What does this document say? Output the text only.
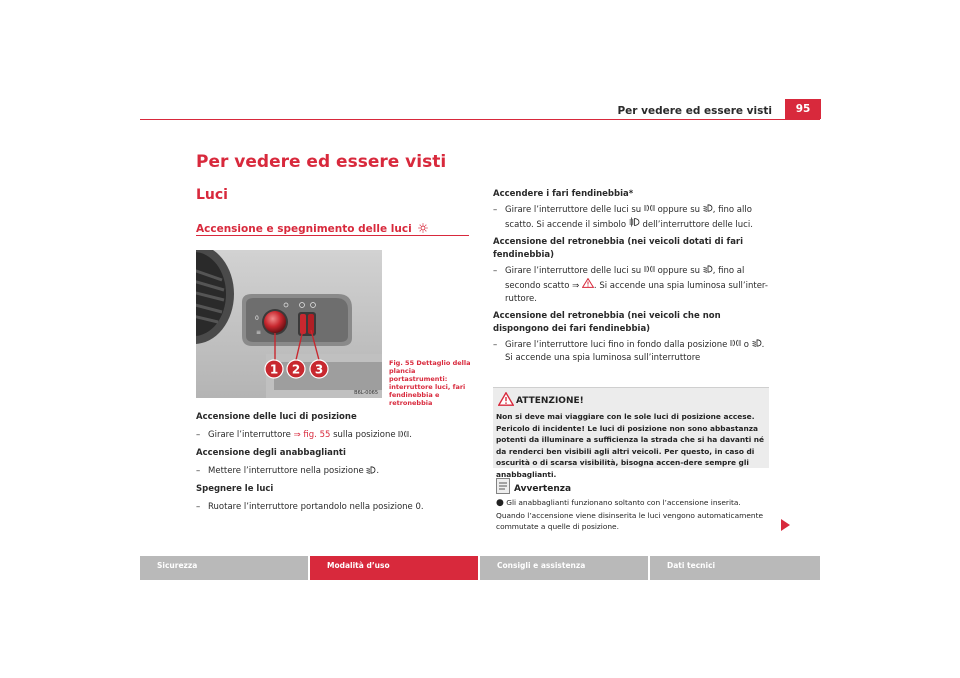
Per vedere ed essere visti	95
Per vedere ed essere visti
Luci
Accensione e spegnimento delle luci
0
≡
1 2 3
B6L-0065
Fig. 55 Dettaglio della plancia portastrumenti: interruttore luci, fari fendinebbia e retronebbia
Accensione delle luci di posizione
– Girare l’interruttore ⇒ fig. 55 sulla posizione .
Accensione degli anabbaglianti
– Mettere l’interruttore nella posizione .
Spegnere le luci
– Ruotare l’interruttore portandolo nella posizione 0.
Accendere i fari fendinebbia*
– Girare l’interruttore delle luci su  oppure su , fino allo scatto. Si accende il simbolo  dell’interruttore delle luci.
Accensione del retronebbia (nei veicoli dotati di fari fendinebbia)
– Girare l’interruttore delle luci su  oppure su , fino al secondo scatto ⇒ . Si accende una spia luminosa sull’inter-ruttore.
Accensione del retronebbia (nei veicoli che non dispongono dei fari fendinebbia)
– Girare l’interruttore luci fino in fondo dalla posizione  o . Si accende una spia luminosa sull’interruttore
ATTENZIONE!
Non si deve mai viaggiare con le sole luci di posizione accese. Pericolo di incidente! Le luci di posizione non sono abbastanza potenti da illuminare a sufficienza la strada che si ha davanti né da renderci ben visibili agli altri veicoli. Per questo, in caso di oscurità o di scarsa visibilità, bisogna accen-dere sempre gli anabbaglianti.
Avvertenza
● Gli anabbaglianti funzionano soltanto con l’accensione inserita. Quando l’accensione viene disinserita le luci vengono automaticamente commutate a quelle di posizione.
Sicurezza	Modalità d’uso	Consigli e assistenza	Dati tecnici
